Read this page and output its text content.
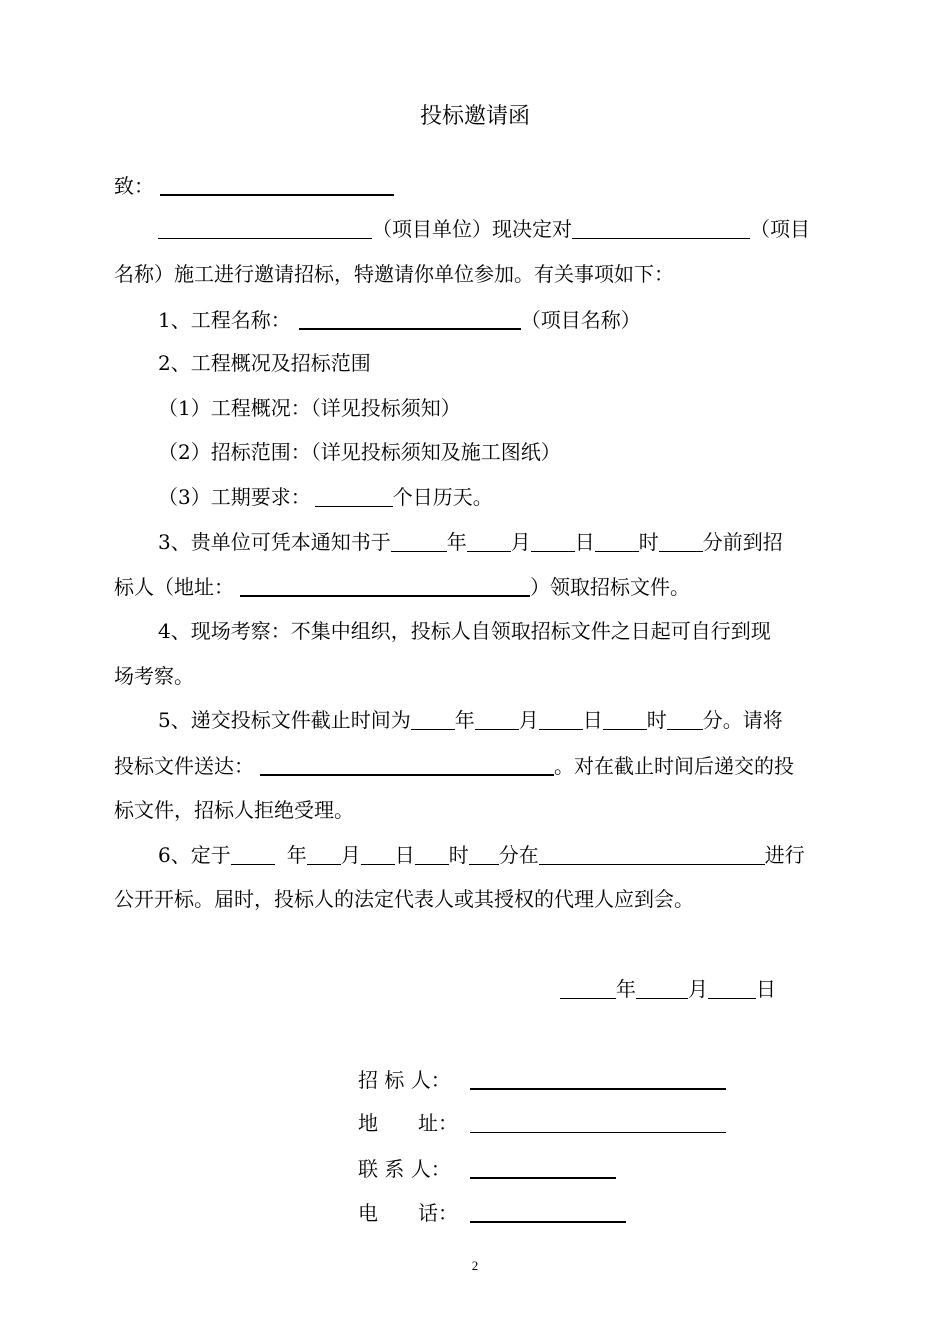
投标邀请函
致：
（项目单位）现决定对	（项目
名称）施工进行邀请招标，特邀请你单位参加。有关事项如下：
1、工程名称：	（项目名称）
2、工程概况及招标范围
（1）工程概况：（详见投标须知）
（2）招标范围：（详见投标须知及施工图纸）
（3）工期要求：	个日历天。
3、贵单位可凭本通知书于	年 月 日 时 分前到招
标人（地址：	）领取招标文件。
4、现场考察：不集中组织，投标人自领取招标文件之日起可自行到现
场考察。
5、递交投标文件截止时间为 年 月 日 时 分。请将
投标文件送达：	。对在截止时间后递交的投
标文件，招标人拒绝受理。
6、定于	年 月 日 时 分在	进行
公开开标。届时，投标人的法定代表人或其授权的代理人应到会。
年	月 日
招 标 人：
地　　址：
联 系 人：
电　　话：
2
